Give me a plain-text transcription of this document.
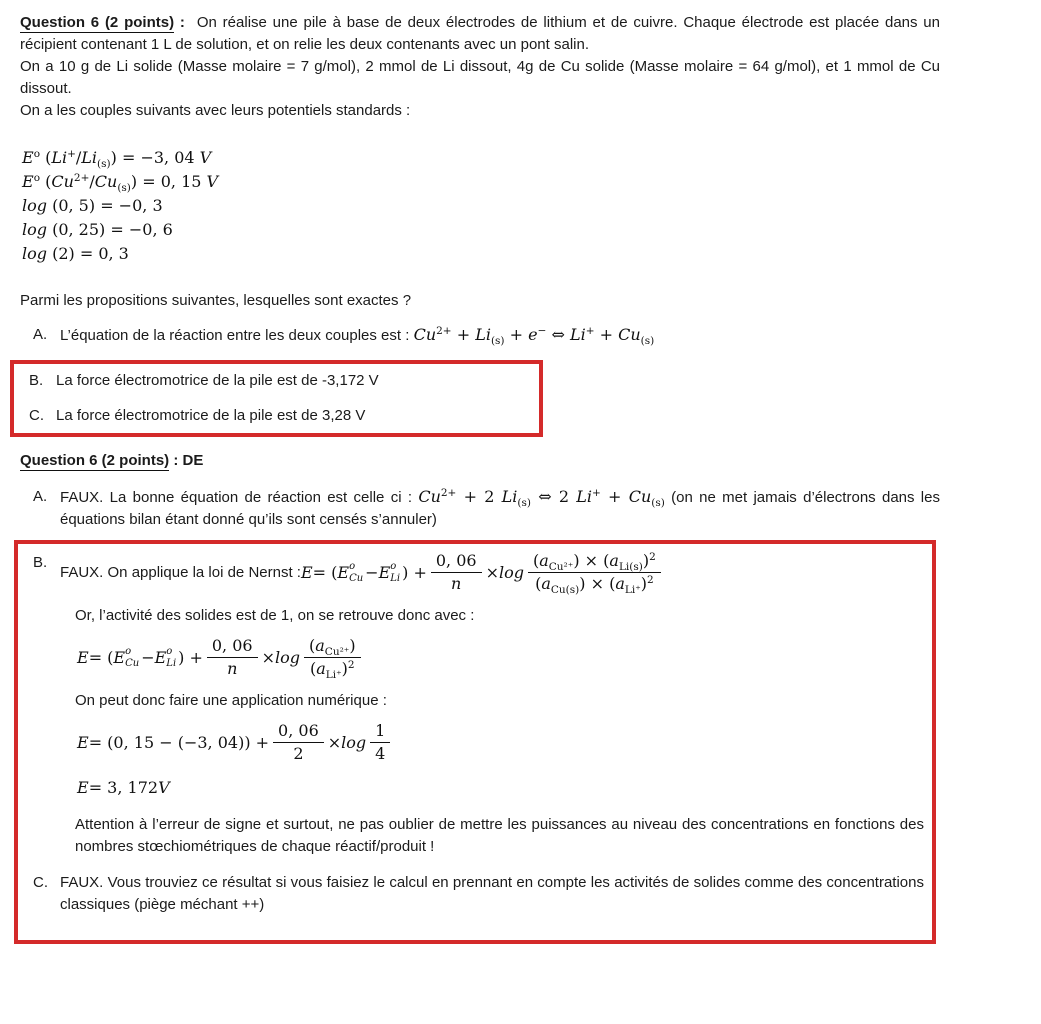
Question 6 (2 points) : On réalise une pile à base de deux électrodes de lithium et de cuivre. Chaque électrode est placée dans un récipient contenant 1 L de solution, et on relie les deux contenants avec un pont salin.
On a 10 g de Li solide (Masse molaire = 7 g/mol), 2 mmol de Li dissout, 4g de Cu solide (Masse molaire = 64 g/mol), et 1 mmol de Cu dissout.
On a les couples suivants avec leurs potentiels standards :
$E^o$ $(Li^+/Li_{(s)}) = -3$, 04 V
$E^o$ $(Cu^{2+}/Cu_{(s)}) = 0$, 15 V
log (0, 5) = −0, 3
log (0, 25) = −0, 6
log (2) = 0, 3
Parmi les propositions suivantes, lesquelles sont exactes ?
A. L’équation de la réaction entre les deux couples est : $Cu^{2+} + Li_{(s)} + e^-$ ⇔ $Li^+ + Cu_{(s)}$
B. La force électromotrice de la pile est de -3,172 V
C. La force électromotrice de la pile est de 3,28 V
Question 6 (2 points) : DE
A. FAUX. La bonne équation de réaction est celle ci : $Cu^{2+} + 2$ $Li_{(s)}$ ⇔ 2 $Li^+ + Cu_{(s)}$ (on ne met jamais d’électrons dans les équations bilan étant donné qu’ils sont censés s’annuler)
B.
FAUX. On applique la loi de Nernst : E = ( E o
Cu − E o
Li ) + $\frac{0, 06}{n} \times \log \frac{(a_{Cu^{2+}}) \times (a_{Li(s)})^2}{(a_{Cu(s)}) \times (a_{Li^+})^2}$
Or, l’activité des solides est de 1, on se retrouve donc avec :
E = ( E o
Cu − E o
Li ) + $\frac{0, 06}{n} \times \log \frac{(a_{Cu^{2+}})}{(a_{Li^+})^2}$
On peut donc faire une application numérique :
E = (0, 15 − (−3, $04)) + \frac{0, 06}{2} \times \log \frac{1}{4}$
E = 3, 172 V
Attention à l’erreur de signe et surtout, ne pas oublier de mettre les puissances au niveau des concentrations en fonctions des nombres stœchiométriques de chaque réactif/produit !
C. FAUX. Vous trouviez ce résultat si vous faisiez le calcul en prennant en compte les activités de solides comme des concentrations classiques (piège méchant ++)
